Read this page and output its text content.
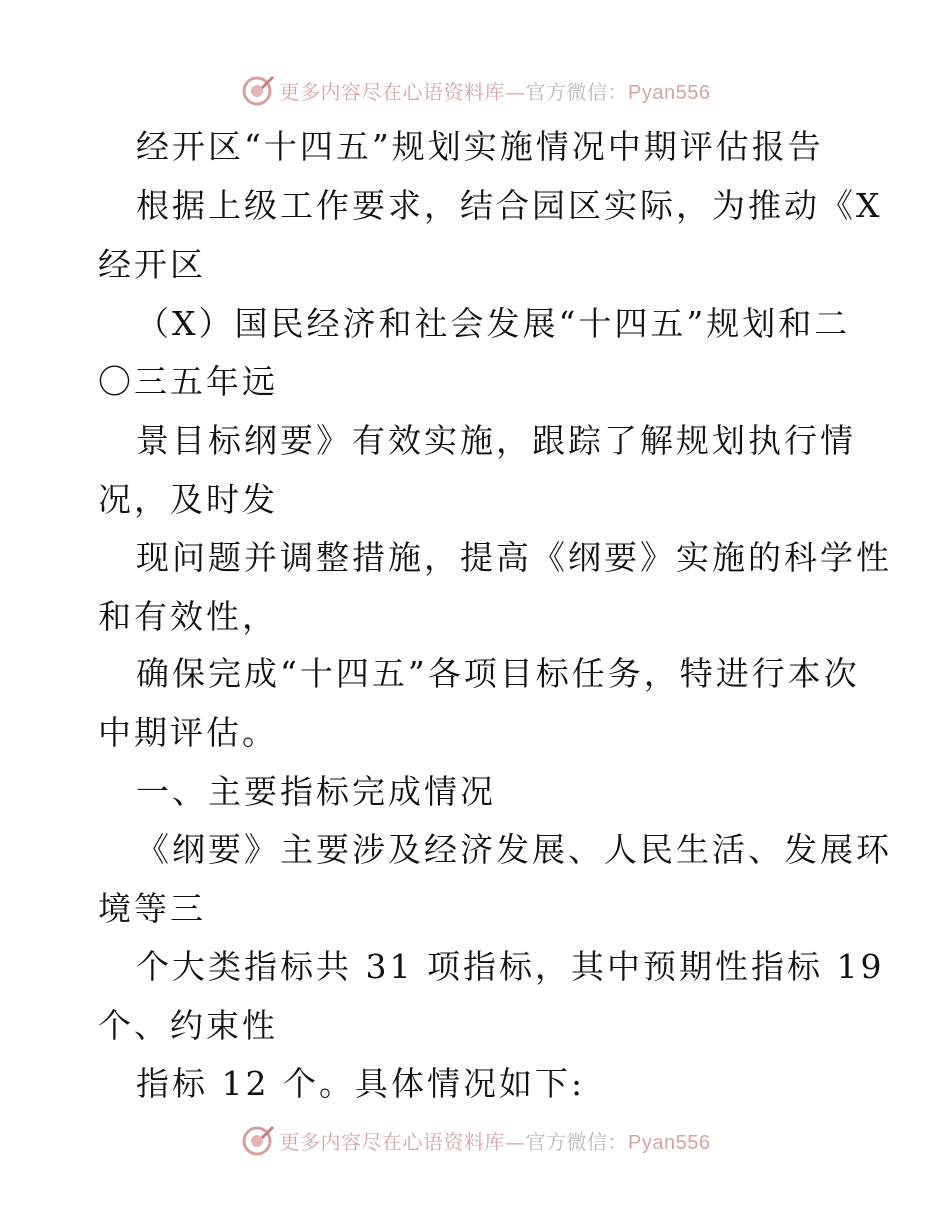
更多内容尽在心语资料库—官方微信：Pyan556
经开区“十四五”规划实施情况中期评估报告
根据上级工作要求，结合园区实际，为推动《X
经开区
（X）国民经济和社会发展“十四五”规划和二
〇三五年远
景目标纲要》有效实施，跟踪了解规划执行情
况，及时发
现问题并调整措施，提高《纲要》实施的科学性
和有效性，
确保完成“十四五”各项目标任务，特进行本次
中期评估。
一、主要指标完成情况
《纲要》主要涉及经济发展、人民生活、发展环
境等三
个大类指标共 31 项指标，其中预期性指标 19
个、约束性
指标 12 个。具体情况如下:
更多内容尽在心语资料库—官方微信：Pyan556
